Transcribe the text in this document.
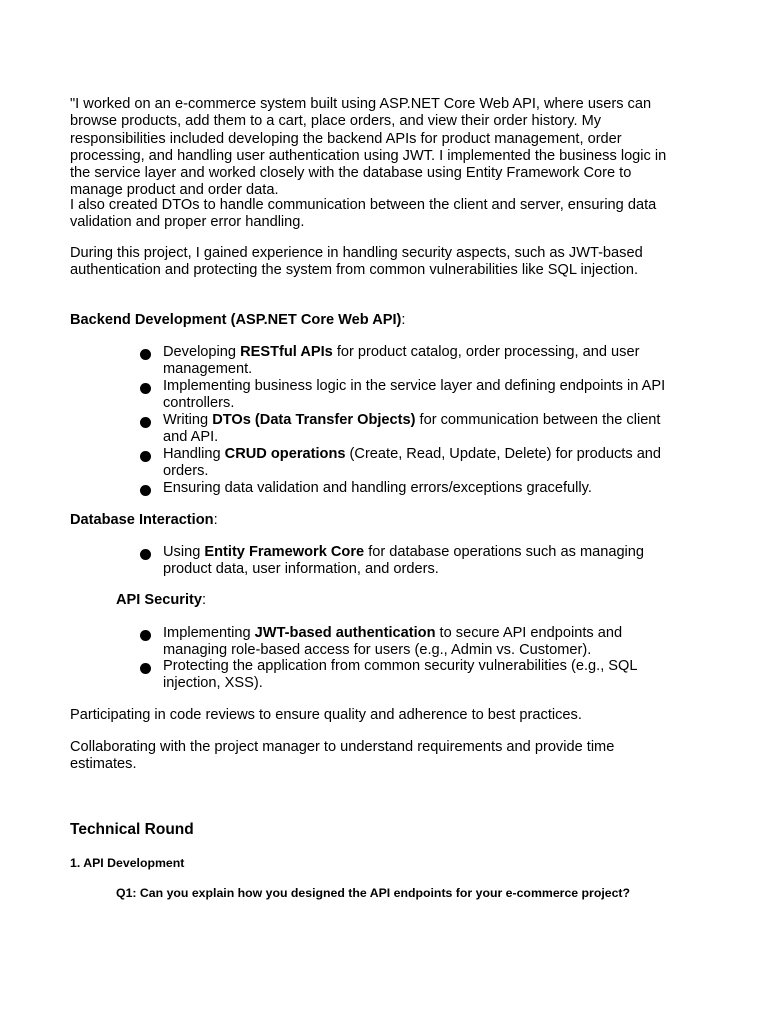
"I worked on an e-commerce system built using ASP.NET Core Web API, where users can browse products, add them to a cart, place orders, and view their order history. My responsibilities included developing the backend APIs for product management, order processing, and handling user authentication using JWT. I implemented the business logic in the service layer and worked closely with the database using Entity Framework Core to manage product and order data.

I also created DTOs to handle communication between the client and server, ensuring data validation and proper error handling.

During this project, I gained experience in handling security aspects, such as JWT-based authentication and protecting the system from common vulnerabilities like SQL injection.

Backend Development (ASP.NET Core Web API):

Developing RESTful APIs for product catalog, order processing, and user management.
Implementing business logic in the service layer and defining endpoints in API controllers.
Writing DTOs (Data Transfer Objects) for communication between the client and API.
Handling CRUD operations (Create, Read, Update, Delete) for products and orders.
Ensuring data validation and handling errors/exceptions gracefully.

Database Interaction:

Using Entity Framework Core for database operations such as managing product data, user information, and orders.

API Security:

Implementing JWT-based authentication to secure API endpoints and managing role-based access for users (e.g., Admin vs. Customer).
Protecting the application from common security vulnerabilities (e.g., SQL injection, XSS).

Participating in code reviews to ensure quality and adherence to best practices.

Collaborating with the project manager to understand requirements and provide time estimates.

Technical Round
1. API Development
Q1: Can you explain how you designed the API endpoints for your e-commerce project?
